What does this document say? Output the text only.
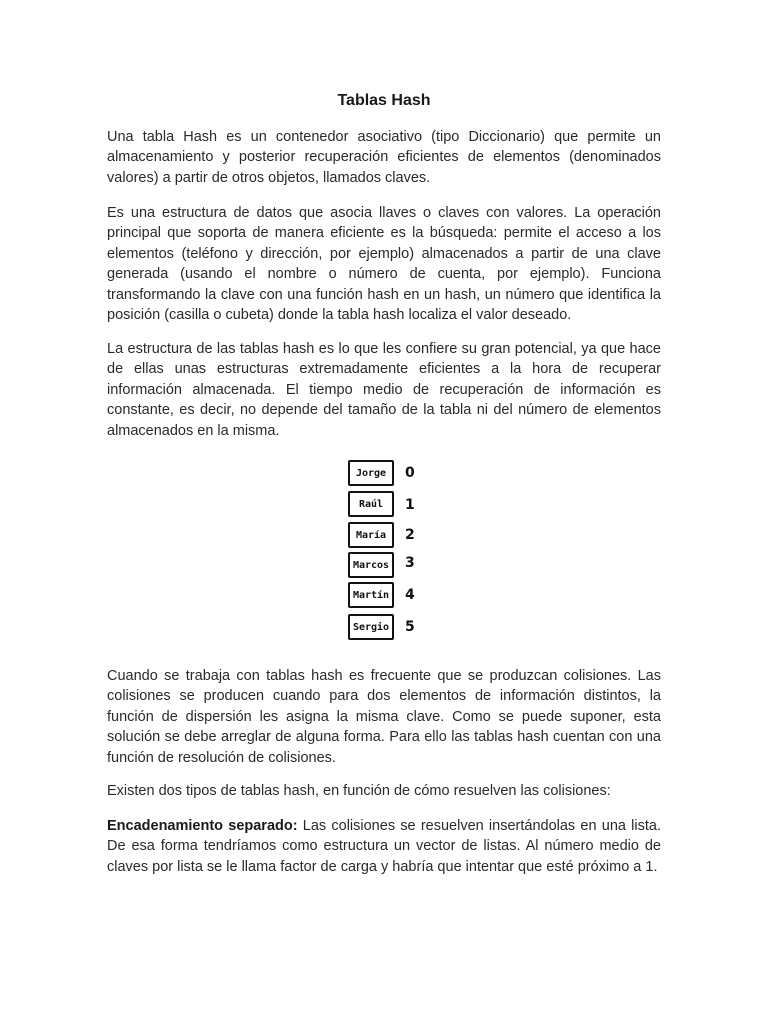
Tablas Hash

Una tabla Hash es un contenedor asociativo (tipo Diccionario) que permite un almacenamiento y posterior recuperación eficientes de elementos (denominados valores) a partir de otros objetos, llamados claves.

Es una estructura de datos que asocia llaves o claves con valores. La operación principal que soporta de manera eficiente es la búsqueda: permite el acceso a los elementos (teléfono y dirección, por ejemplo) almacenados a partir de una clave generada (usando el nombre o número de cuenta, por ejemplo). Funciona transformando la clave con una función hash en un hash, un número que identifica la posición (casilla o cubeta) donde la tabla hash localiza el valor deseado.

La estructura de las tablas hash es lo que les confiere su gran potencial, ya que hace de ellas unas estructuras extremadamente eficientes a la hora de recuperar información almacenada. El tiempo medio de recuperación de información es constante, es decir, no depende del tamaño de la tabla ni del número de elementos almacenados en la misma.

Jorge	0
Raúl	1
María	2
Marcos	3
Martín	4
Sergio	5

Cuando se trabaja con tablas hash es frecuente que se produzcan colisiones. Las colisiones se producen cuando para dos elementos de información distintos, la función de dispersión les asigna la misma clave. Como se puede suponer, esta solución se debe arreglar de alguna forma. Para ello las tablas hash cuentan con una función de resolución de colisiones.

Existen dos tipos de tablas hash, en función de cómo resuelven las colisiones:

Encadenamiento separado: Las colisiones se resuelven insertándolas en una lista. De esa forma tendríamos como estructura un vector de listas. Al número medio de claves por lista se le llama factor de carga y habría que intentar que esté próximo a 1.
